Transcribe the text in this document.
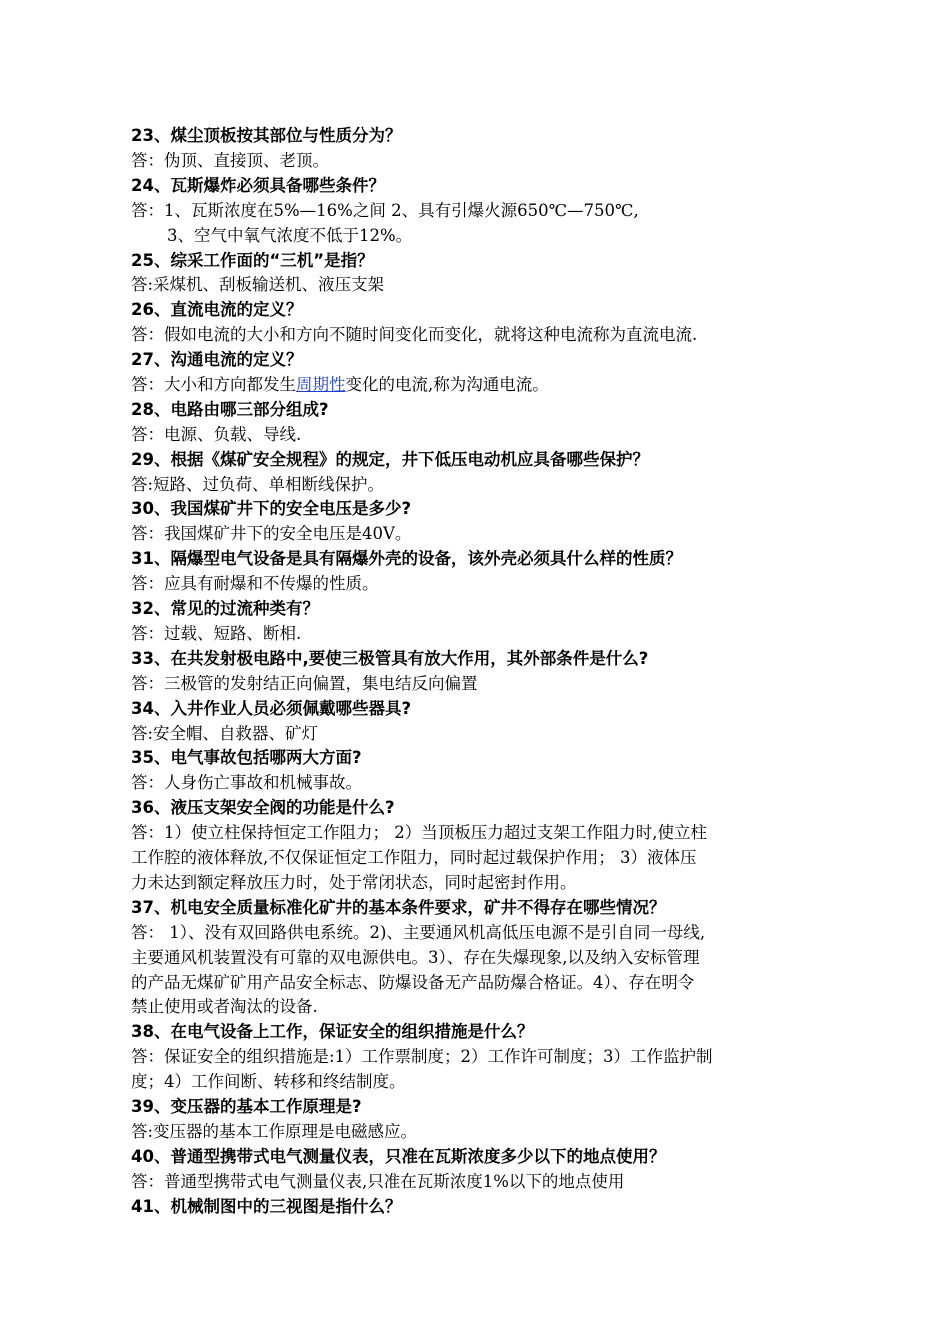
23、煤尘顶板按其部位与性质分为？
答：伪顶、直接顶、老顶。
24、瓦斯爆炸必须具备哪些条件？
答：1、瓦斯浓度在5%—16%之间 2、具有引爆火源650℃—750℃,
3、空气中氧气浓度不低于12%。
25、综采工作面的“三机”是指？
答:采煤机、刮板输送机、液压支架
26、直流电流的定义？
答：假如电流的大小和方向不随时间变化而变化，就将这种电流称为直流电流.
27、沟通电流的定义？
答：大小和方向都发生周期性变化的电流,称为沟通电流。
28、电路由哪三部分组成?
答：电源、负载、导线.
29、根据《煤矿安全规程》的规定，井下低压电动机应具备哪些保护？
答:短路、过负荷、单相断线保护。
30、我国煤矿井下的安全电压是多少?
答：我国煤矿井下的安全电压是40V。
31、隔爆型电气设备是具有隔爆外壳的设备，该外壳必须具什么样的性质？
答：应具有耐爆和不传爆的性质。
32、常见的过流种类有？
答：过载、短路、断相.
33、在共发射极电路中,要使三极管具有放大作用，其外部条件是什么?
答：三极管的发射结正向偏置，集电结反向偏置
34、入井作业人员必须佩戴哪些器具?
答:安全帽、自救器、矿灯
35、电气事故包括哪两大方面?
答：人身伤亡事故和机械事故。
36、液压支架安全阀的功能是什么?
答：1）使立柱保持恒定工作阻力； 2）当顶板压力超过支架工作阻力时,使立柱
工作腔的液体释放,不仅保证恒定工作阻力，同时起过载保护作用； 3）液体压
力未达到额定释放压力时，处于常闭状态，同时起密封作用。
37、机电安全质量标准化矿井的基本条件要求，矿井不得存在哪些情况？
答： 1）、没有双回路供电系统。2)、主要通风机高低压电源不是引自同一母线,
主要通风机装置没有可靠的双电源供电。3）、存在失爆现象,以及纳入安标管理
的产品无煤矿矿用产品安全标志、防爆设备无产品防爆合格证。4）、存在明令
禁止使用或者淘汰的设备.
38、在电气设备上工作，保证安全的组织措施是什么？
答：保证安全的组织措施是:1）工作票制度；2）工作许可制度；3）工作监护制
度；4）工作间断、转移和终结制度。
39、变压器的基本工作原理是?
答:变压器的基本工作原理是电磁感应。
40、普通型携带式电气测量仪表，只准在瓦斯浓度多少以下的地点使用？
答：普通型携带式电气测量仪表,只准在瓦斯浓度1%以下的地点使用
41、机械制图中的三视图是指什么？
